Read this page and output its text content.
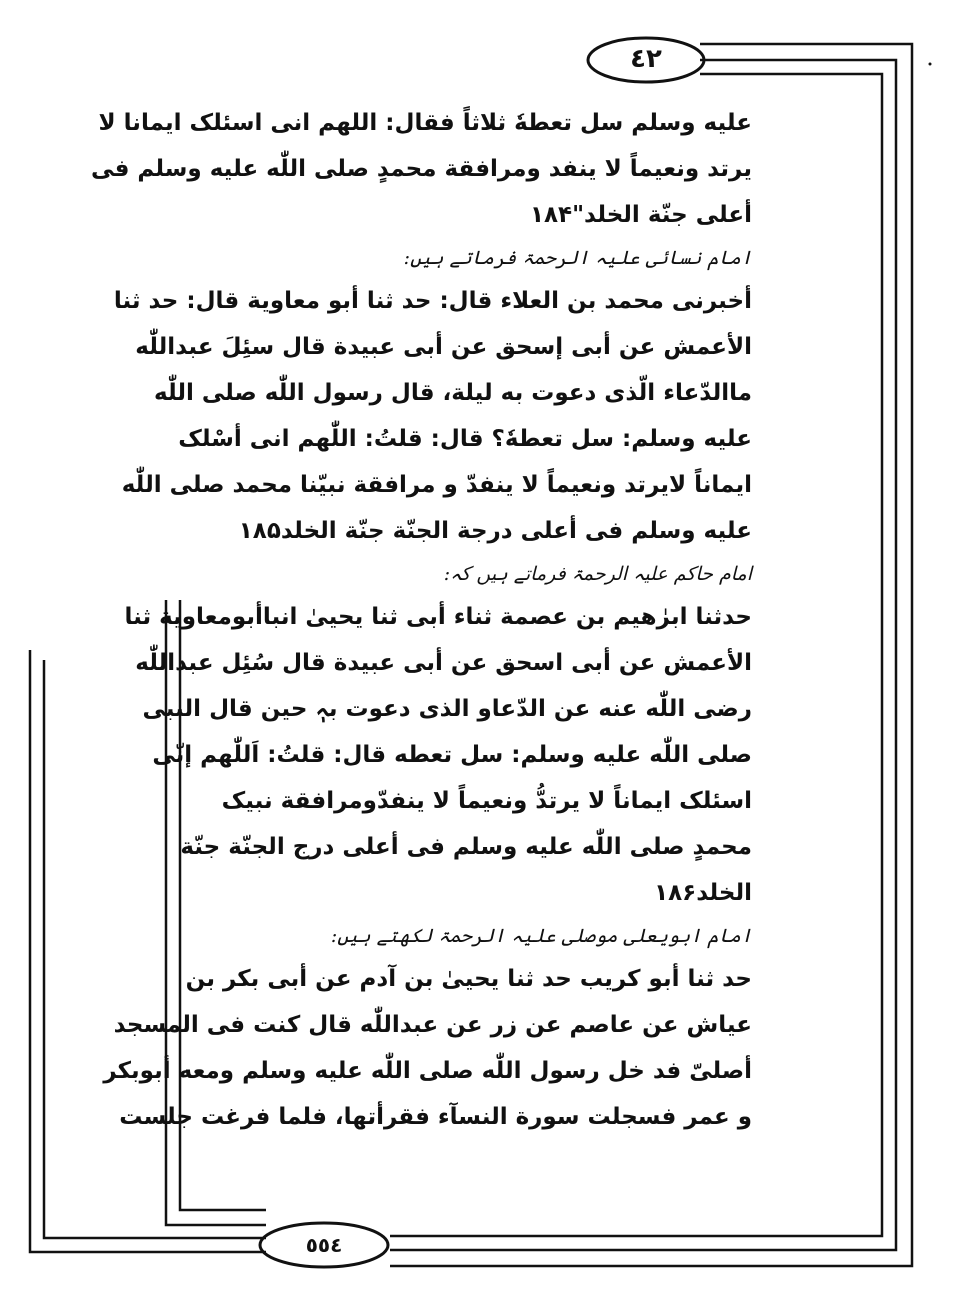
٤٢
٥٥٤
عليه وسلم سل تعطهٗ ثلاثاً فقال: اللهم انی اسئلک ایمانا لا
یرتد ونعیماً لا ینفد ومرافقة محمدٍ صلی اللّٰه علیه وسلم فی
أعلی جنّة الخلد"۱۸۴
امام نسائی علیہ الرحمۃ فرماتے ہیں:
أخبرنی محمد بن العلاء قال: حد ثنا أبو معاویة قال: حد ثنا
الأعمش عن أبی إسحق عن أبی عبیدة قال سئِلَ عبداللّٰه
ماالدّعاء الّذی دعوت به لیلة، قال رسول اللّٰه صلی اللّٰه
علیه وسلم: سل تعطهٗ؟ قال: قلتُ: اللّٰهم انی أسْلک
ایماناً لایرتد ونعیماً لا ینفدّ و مرافقة نبیّنا محمد صلی اللّٰه
علیه وسلم فی أعلی درجة الجنّة جنّة الخلد۱۸۵
امام حاکم علیہ الرحمۃ فرماتے ہیں کہ:
حدثنا ابرٰهیم بن عصمة ثناء أبی ثنا یحییٰ انباأبومعاویة ثنا
الأعمش عن أبی اسحق عن أبی عبیدة قال سُئِل عبداللّٰه
رضی اللّٰه عنه عن الدّعاو الذی دعوت بہٖ حین قال النبی
صلی اللّٰه علیه وسلم: سل تعطه قال: قلتُ: اَللّٰهم إنّی
اسئلک ایماناً لا یرتدُّ ونعیماً لا ینفدّومرافقة نبیک
محمدٍ صلی اللّٰه علیه وسلم فی أعلی درج الجنّة جنّة
الخلد۱۸۶
امام ابویعلی موصلی علیہ الرحمۃ لکھتے ہیں:
حد ثنا أبو کریب حد ثنا یحییٰ بن آدم عن أبی بکر بن
عیاش عن عاصم عن زر عن عبداللّٰه قال کنت فی المسجد
أصلیّ فد خل رسول اللّٰه صلی اللّٰه علیه وسلم ومعه أبوبکر
و عمر فسجلت سورة النسآء فقرأتها، فلما فرغت جلست
